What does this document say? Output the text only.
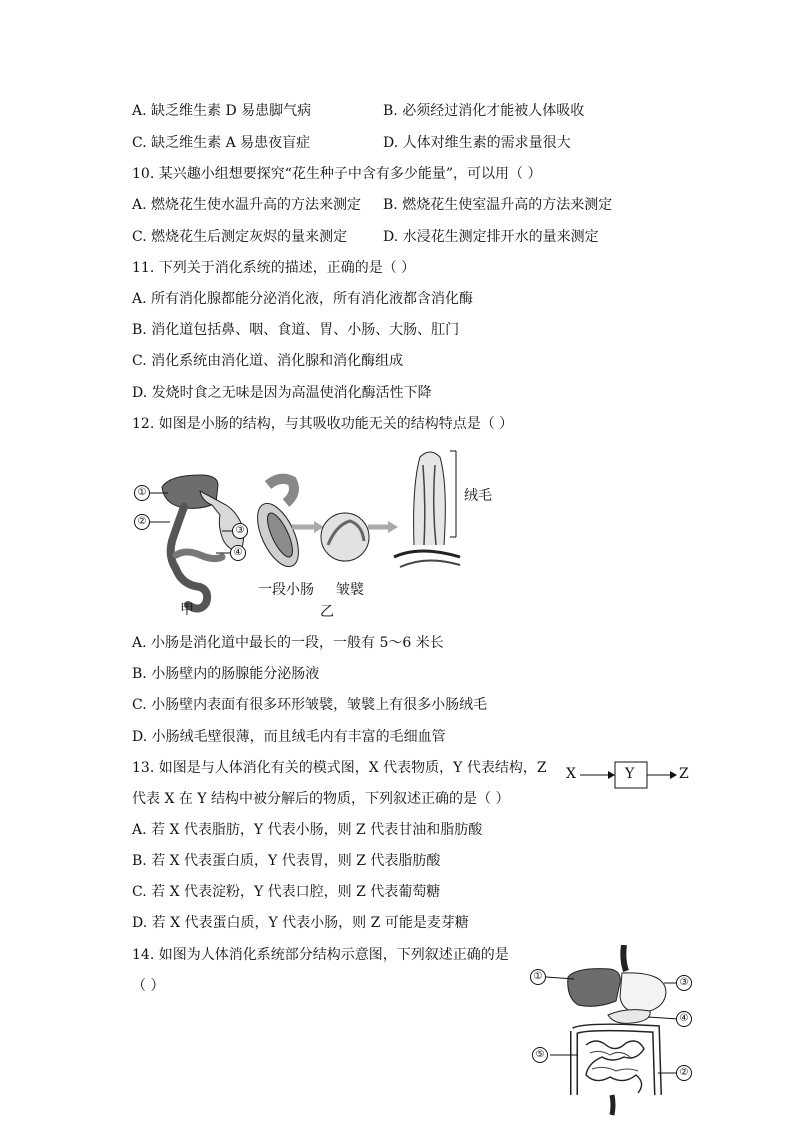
A. 缺乏维生素 D 易患脚气病	B. 必须经过消化才能被人体吸收
C. 缺乏维生素 A 易患夜盲症	D. 人体对维生素的需求量很大
10. 某兴趣小组想要探究“花生种子中含有多少能量”，可以用（ ）
A. 燃烧花生使水温升高的方法来测定 B. 燃烧花生使室温升高的方法来测定
C. 燃烧花生后测定灰烬的量来测定	D. 水浸花生测定排开水的量来测定
11. 下列关于消化系统的描述，正确的是（ ）
A. 所有消化腺都能分泌消化液，所有消化液都含消化酶
B. 消化道包括鼻、咽、食道、胃、小肠、大肠、肛门
C. 消化系统由消化道、消化腺和消化酶组成
D. 发烧时食之无味是因为高温使消化酶活性下降
12. 如图是小肠的结构，与其吸收功能无关的结构特点是（ ）
①
②
③
④
甲
一段小肠 皱襞
乙
绒毛
A. 小肠是消化道中最长的一段，一般有 5～6 米长
B. 小肠壁内的肠腺能分泌肠液
C. 小肠壁内表面有很多环形皱襞，皱襞上有很多小肠绒毛
D. 小肠绒毛壁很薄，而且绒毛内有丰富的毛细血管
13. 如图是与人体消化有关的模式图，X 代表物质，Y 代表结构，Z
代表 X 在 Y 结构中被分解后的物质，下列叙述正确的是（ ）
X	Y	Z
A. 若 X 代表脂肪，Y 代表小肠，则 Z 代表甘油和脂肪酸
B. 若 X 代表蛋白质，Y 代表胃，则 Z 代表脂肪酸
C. 若 X 代表淀粉，Y 代表口腔，则 Z 代表葡萄糖
D. 若 X 代表蛋白质，Y 代表小肠，则 Z 可能是麦芽糖
14. 如图为人体消化系统部分结构示意图，下列叙述正确的是
（ ）
①
③
④
⑤
②
